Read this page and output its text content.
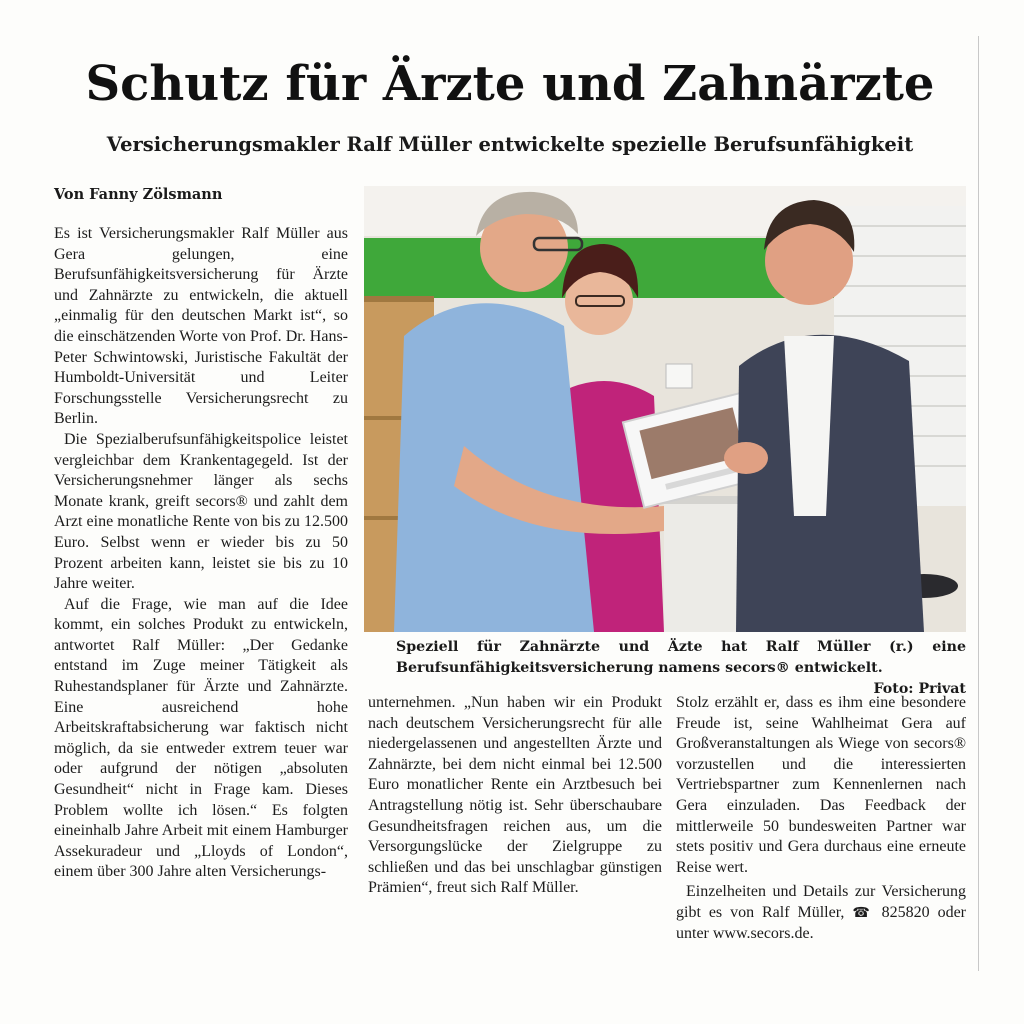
Schutz für Ärzte und Zahnärzte
Versicherungsmakler Ralf Müller entwickelte spezielle Berufsunfähigkeit
Von Fanny Zölsmann

Es ist Versicherungsmakler Ralf Müller aus Gera gelungen, eine Berufsunfähigkeitsversicherung für Ärzte und Zahnärzte zu entwickeln, die aktuell „einmalig für den deutschen Markt ist“, so die einschätzenden Worte von Prof. Dr. Hans-Peter Schwintowski, Juristische Fakultät der Humboldt-Universität und Leiter Forschungsstelle Versicherungsrecht zu Berlin.

Die Spezialberufsunfähigkeitspolice leistet vergleichbar dem Krankentagegeld. Ist der Versicherungsnehmer länger als sechs Monate krank, greift secors® und zahlt dem Arzt eine monatliche Rente von bis zu 12.500 Euro. Selbst wenn er wieder bis zu 50 Prozent arbeiten kann, leistet sie bis zu 10 Jahre weiter.

Auf die Frage, wie man auf die Idee kommt, ein solches Produkt zu entwickeln, antwortet Ralf Müller: „Der Gedanke entstand im Zuge meiner Tätigkeit als Ruhestandsplaner für Ärzte und Zahnärzte. Eine ausreichend hohe Arbeitskraftabsicherung war faktisch nicht möglich, da sie entweder extrem teuer war oder aufgrund der nötigen „absoluten Gesundheit“ nicht in Frage kam. Dieses Problem wollte ich lösen.“ Es folgten eineinhalb Jahre Arbeit mit einem Hamburger Assekuradeur und „Lloyds of London“, einem über 300 Jahre alten Versicherungs-

Speziell für Zahnärzte und Äzte hat Ralf Müller (r.) eine Berufsunfähigkeitsversicherung namens secors® entwickelt.
Foto: Privat

unternehmen. „Nun haben wir ein Produkt nach deutschem Versicherungsrecht für alle niedergelassenen und angestellten Ärzte und Zahnärzte, bei dem nicht einmal bei 12.500 Euro monatlicher Rente ein Arztbesuch bei Antragstellung nötig ist. Sehr überschaubare Gesundheitsfragen reichen aus, um die Versorgungslücke der Zielgruppe zu schließen und das bei unschlagbar günstigen Prämien“, freut sich Ralf Müller.

Stolz erzählt er, dass es ihm eine besondere Freude ist, seine Wahlheimat Gera auf Großveranstaltungen als Wiege von secors® vorzustellen und die interessierten Vertriebspartner zum Kennenlernen nach Gera einzuladen. Das Feedback der mittlerweile 50 bundesweiten Partner war stets positiv und Gera durchaus eine erneute Reise wert.

Einzelheiten und Details zur Versicherung gibt es von Ralf Müller, ☎ 825820 oder unter www.secors.de.
